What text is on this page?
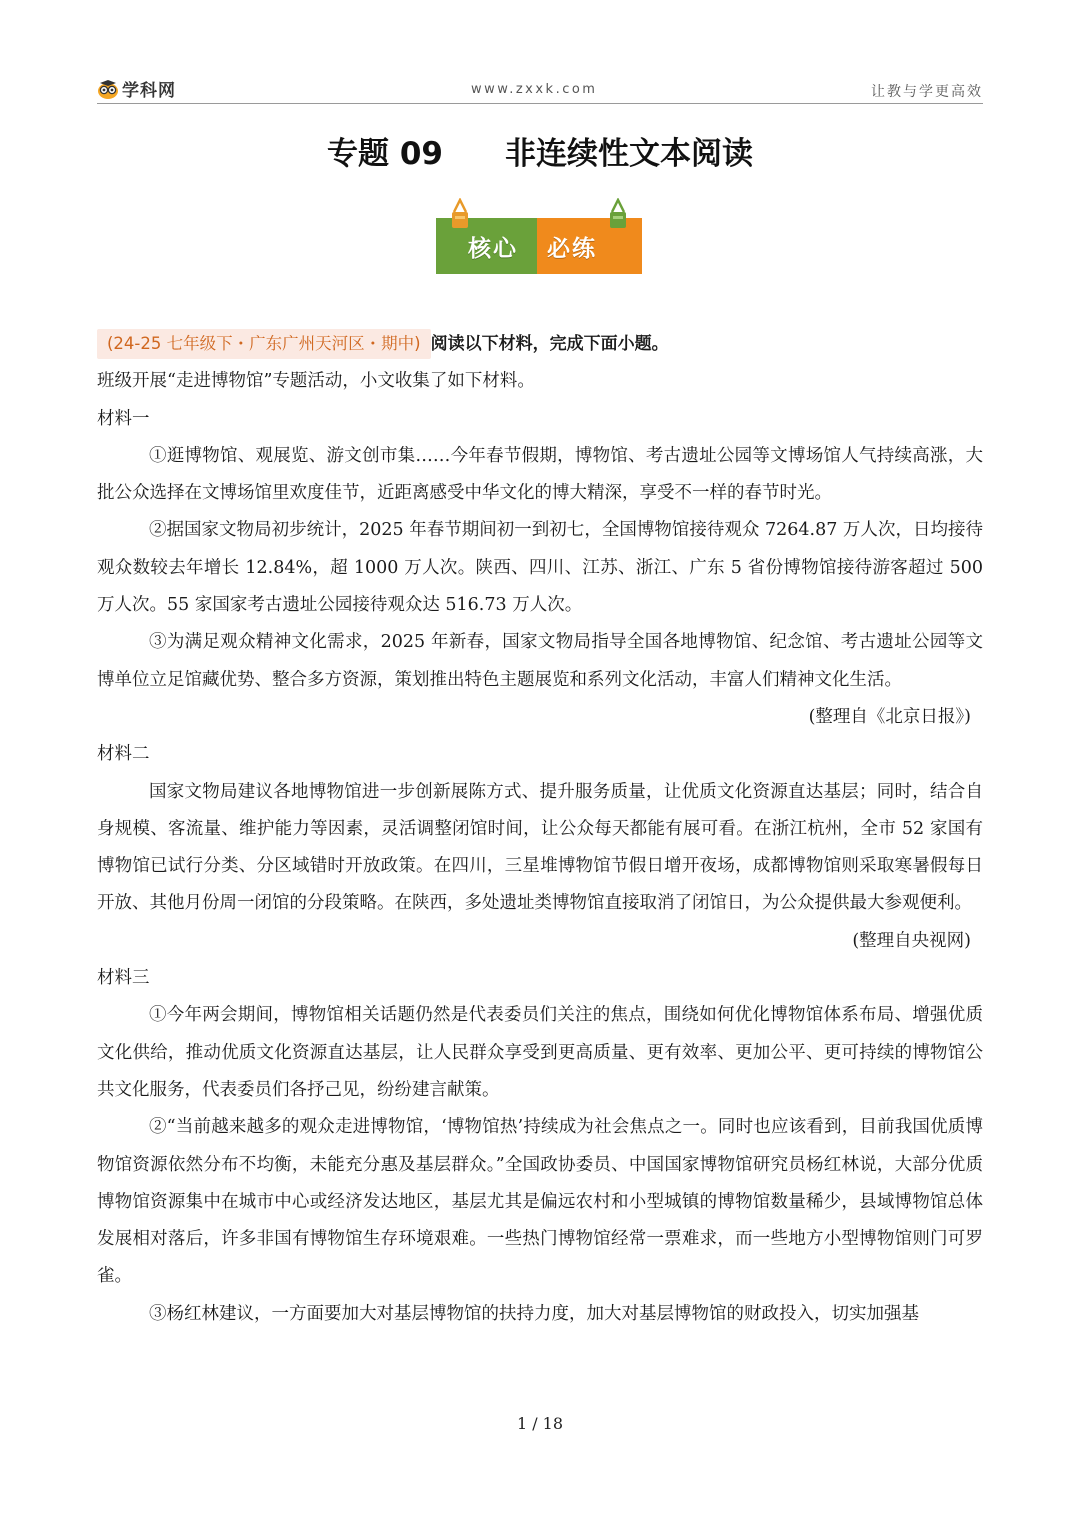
学科网	www.zxxk.com	让教与学更高效
专题 09 非连续性文本阅读
核心 必练
(24-25 七年级下・广东广州天河区・期中) 阅读以下材料，完成下面小题。
班级开展“走进博物馆”专题活动，小文收集了如下材料。
材料一
①逛博物馆、观展览、游文创市集……今年春节假期，博物馆、考古遗址公园等文博场馆人气持续高涨，大批公众选择在文博场馆里欢度佳节，近距离感受中华文化的博大精深，享受不一样的春节时光。
②据国家文物局初步统计，2025 年春节期间初一到初七，全国博物馆接待观众 7264.87 万人次，日均接待观众数较去年增长 12.84%，超 1000 万人次。陕西、四川、江苏、浙江、广东 5 省份博物馆接待游客超过 500 万人次。55 家国家考古遗址公园接待观众达 516.73 万人次。
③为满足观众精神文化需求，2025 年新春，国家文物局指导全国各地博物馆、纪念馆、考古遗址公园等文博单位立足馆藏优势、整合多方资源，策划推出特色主题展览和系列文化活动，丰富人们精神文化生活。
(整理自《北京日报》)
材料二
国家文物局建议各地博物馆进一步创新展陈方式、提升服务质量，让优质文化资源直达基层；同时，结合自身规模、客流量、维护能力等因素，灵活调整闭馆时间，让公众每天都能有展可看。在浙江杭州，全市 52 家国有博物馆已试行分类、分区域错时开放政策。在四川，三星堆博物馆节假日增开夜场，成都博物馆则采取寒暑假每日开放、其他月份周一闭馆的分段策略。在陕西，多处遗址类博物馆直接取消了闭馆日，为公众提供最大参观便利。
(整理自央视网)
材料三
①今年两会期间，博物馆相关话题仍然是代表委员们关注的焦点，围绕如何优化博物馆体系布局、增强优质文化供给，推动优质文化资源直达基层，让人民群众享受到更高质量、更有效率、更加公平、更可持续的博物馆公共文化服务，代表委员们各抒己见，纷纷建言献策。
②“当前越来越多的观众走进博物馆，‘博物馆热’持续成为社会焦点之一。同时也应该看到，目前我国优质博物馆资源依然分布不均衡，未能充分惠及基层群众。”全国政协委员、中国国家博物馆研究员杨红林说，大部分优质博物馆资源集中在城市中心或经济发达地区，基层尤其是偏远农村和小型城镇的博物馆数量稀少，县域博物馆总体发展相对落后，许多非国有博物馆生存环境艰难。一些热门博物馆经常一票难求，而一些地方小型博物馆则门可罗雀。
③杨红林建议，一方面要加大对基层博物馆的扶持力度，加大对基层博物馆的财政投入，切实加强基
1 / 18
